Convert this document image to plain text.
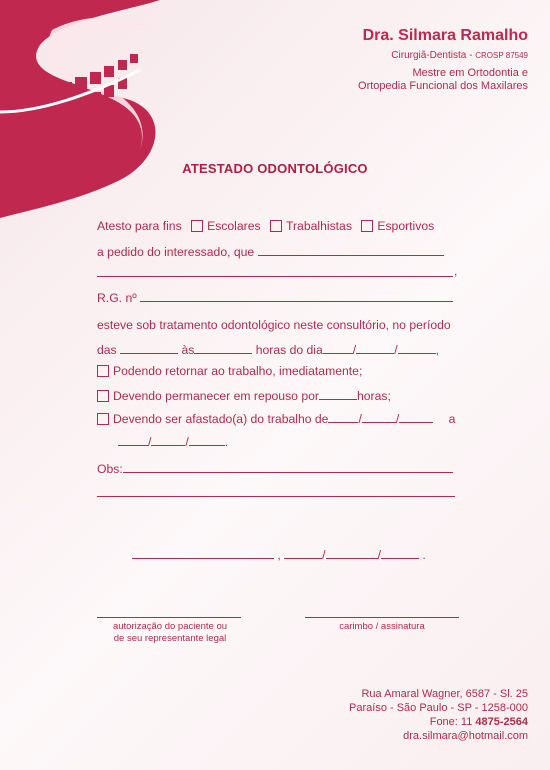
Dra. Silmara Ramalho
Cirurgiã-Dentista - CROSP 87549
Mestre em Ortodontia e
Ortopedia Funcional dos Maxilares
ATESTADO ODONTOLÓGICO
Atesto para fins Escolares Trabalhistas Esportivos
a pedido do interessado, que
,
R.G. nº
esteve sob tratamento odontológico neste consultório, no período
das	às	horas do dia /	/	,
Podendo retornar ao trabalho, imediatamente;
Devendo permanecer em repouso por	horas;
Devendo ser afastado(a) do trabalho de /	/	a
/	/	.
Obs:
,	/	/	.
autorização do paciente ou
de seu representante legal
carimbo / assinatura
Rua Amaral Wagner, 6587 - Sl. 25
Paraíso - São Paulo - SP - 1258-000
Fone: 11 4875-2564
dra.silmara@hotmail.com
